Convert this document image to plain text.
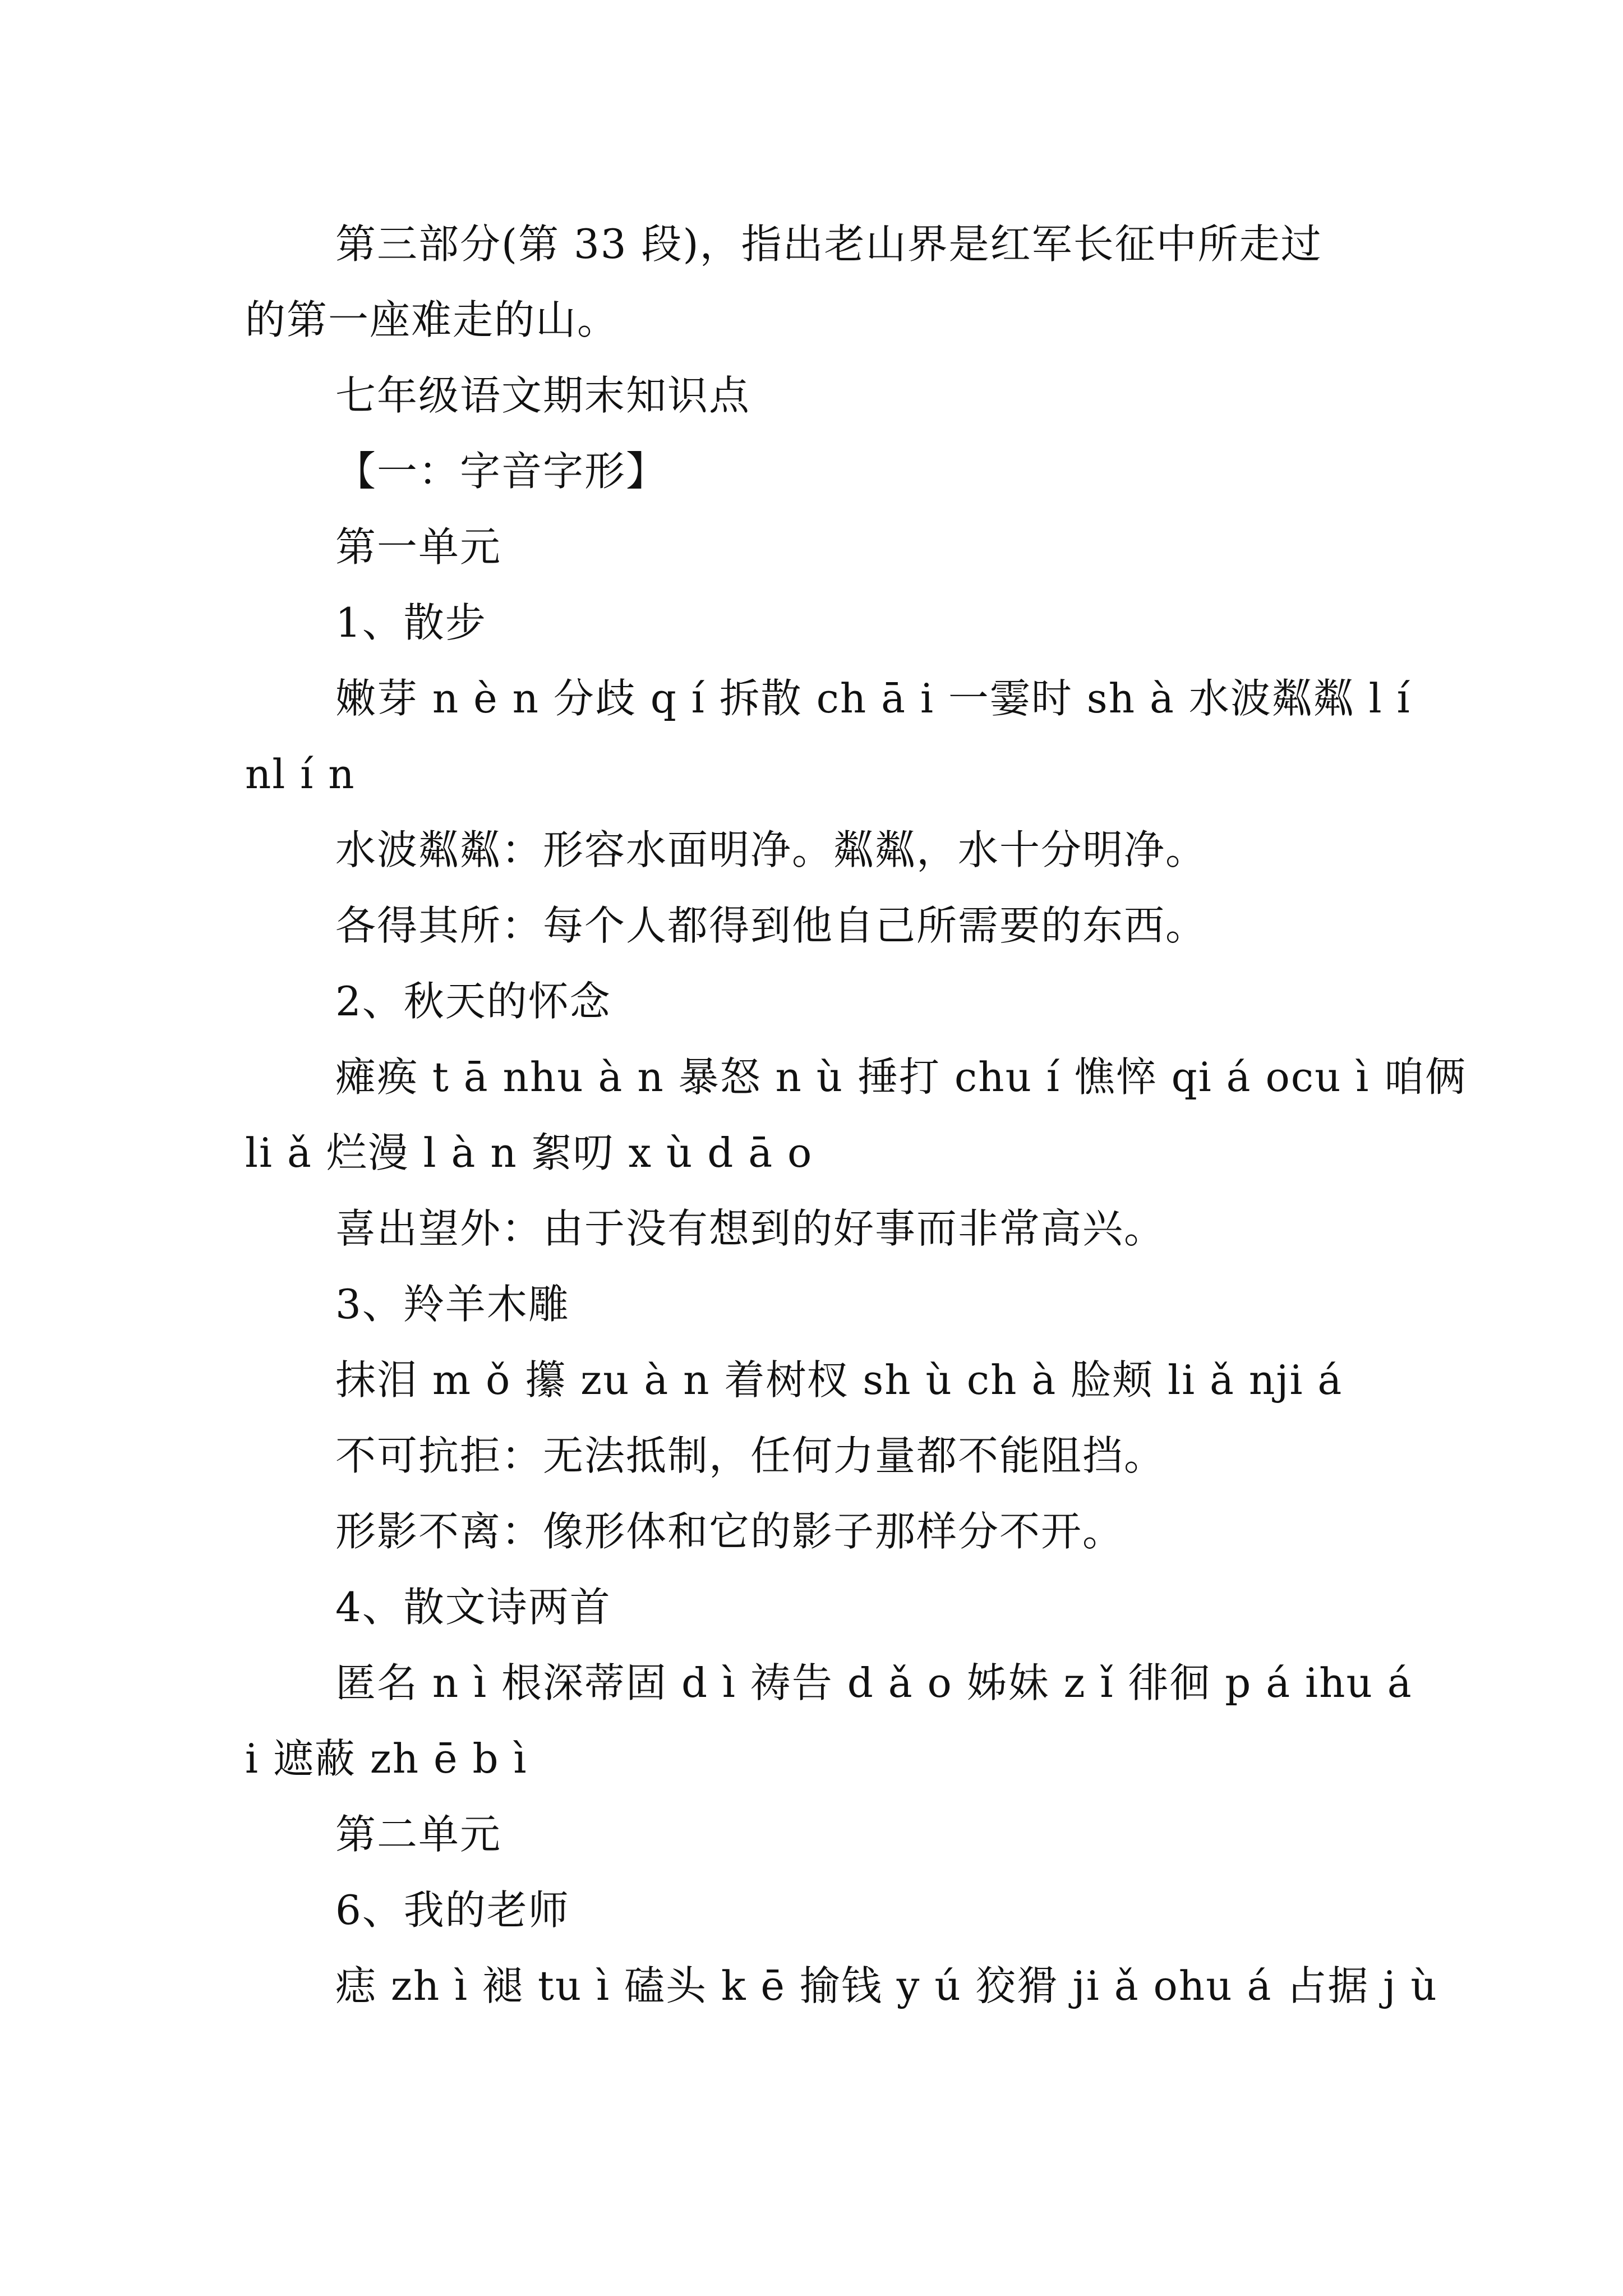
第三部分(第 33 段)，指出老山界是红军长征中所走过
的第一座难走的山。
七年级语文期末知识点
【一：字音字形】
第一单元
1、散步
嫩芽 n è n 分歧 q í 拆散 ch ā i 一霎时 sh à 水波粼粼 l í
nl í n
水波粼粼：形容水面明净。粼粼，水十分明净。
各得其所：每个人都得到他自己所需要的东西。
2、秋天的怀念
瘫痪 t ā nhu à n 暴怒 n ù 捶打 chu í 憔悴 qi á ocu ì 咱俩
li ǎ 烂漫 l à n 絮叨 x ù d ā o
喜出望外：由于没有想到的好事而非常高兴。
3、羚羊木雕
抹泪 m ǒ 攥 zu à n 着树杈 sh ù ch à 脸颊 li ǎ nji á
不可抗拒：无法抵制，任何力量都不能阻挡。
形影不离：像形体和它的影子那样分不开。
4、散文诗两首
匿名 n ì 根深蒂固 d ì 祷告 d ǎ o 姊妹 z ǐ 徘徊 p á ihu á
i 遮蔽 zh ē b ì
第二单元
6、我的老师
痣 zh ì 褪 tu ì 磕头 k ē 揄钱 y ú 狡猾 ji ǎ ohu á 占据 j ù
